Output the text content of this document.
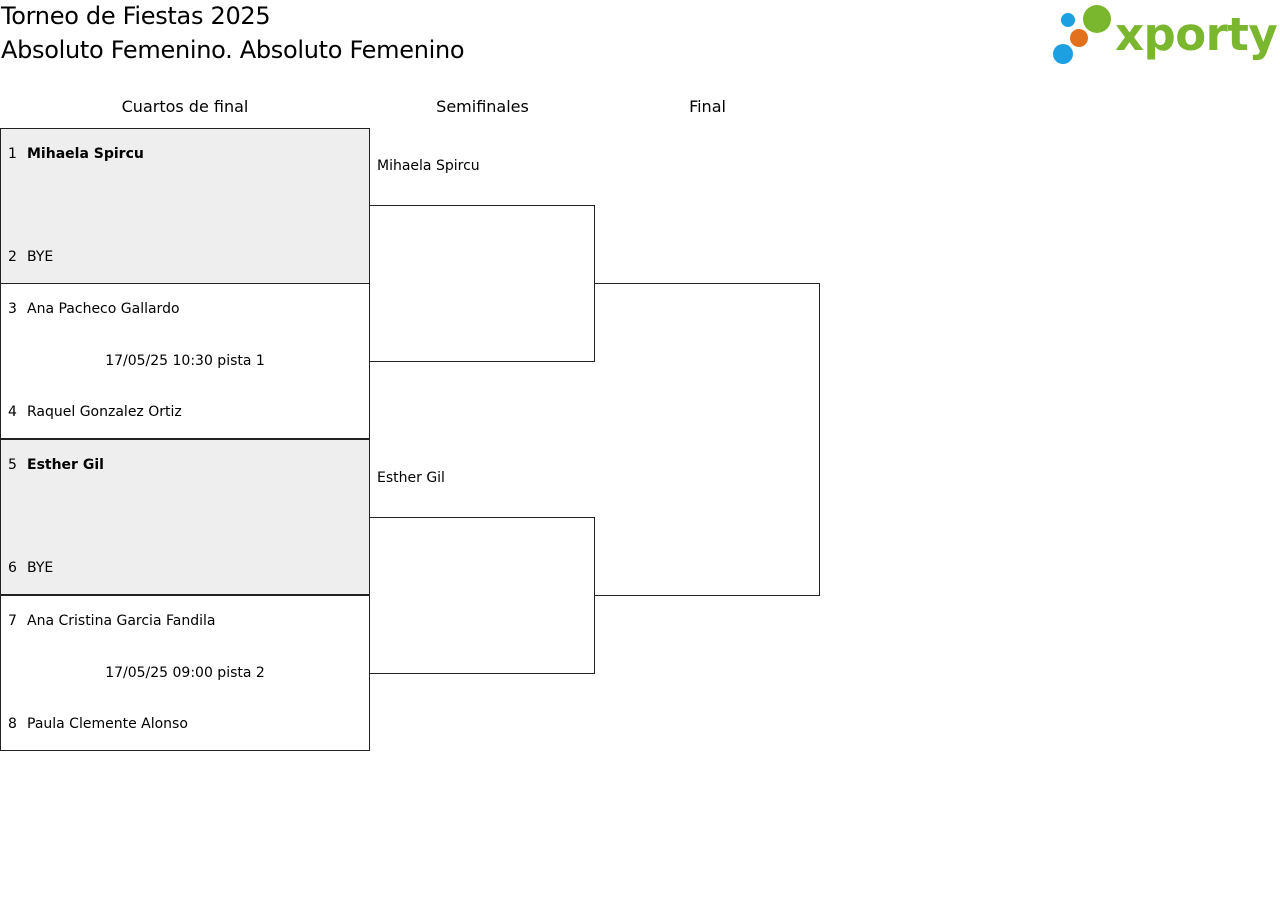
Torneo de Fiestas 2025
Absoluto Femenino. Absoluto Femenino	xporty
Cuartos de final	Semifinales	Final
1 Mihaela Spircu
2 BYE
3 Ana Pacheco Gallardo
17/05/25 10:30 pista 1
4 Raquel Gonzalez Ortiz
5 Esther Gil
6 BYE
7 Ana Cristina Garcia Fandila
17/05/25 09:00 pista 2
8 Paula Clemente Alonso
Mihaela Spircu
Esther Gil
